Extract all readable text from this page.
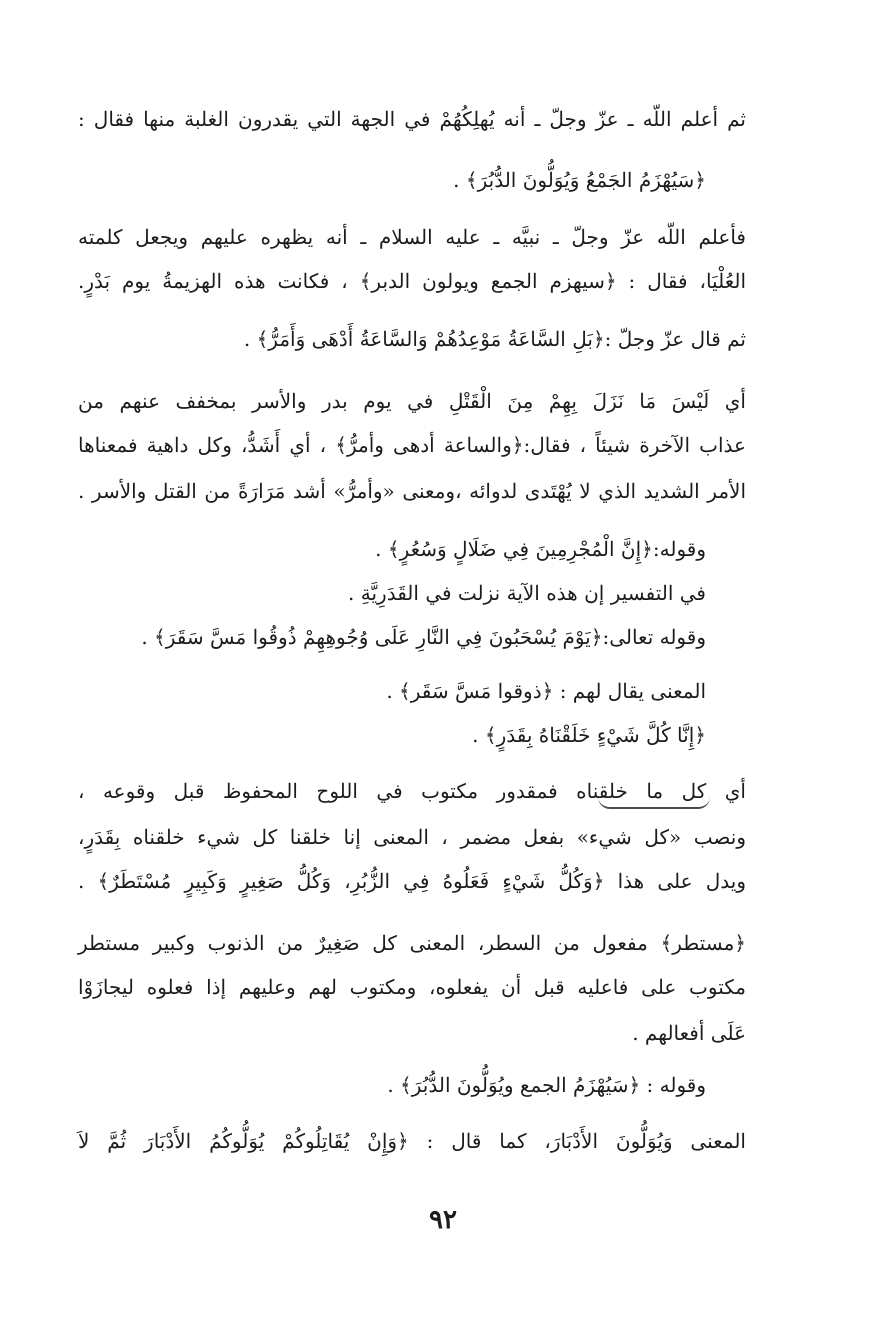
ثم أعلم اللّه ـ عزّ وجلّ ـ أنه يُهلِكُهُمْ في الجهة التي يقدرون الغلبة منها فقال :
﴿سَيُهْزَمُ الجَمْعُ وَيُوَلُّونَ الدُّبُرَ﴾ .
فأعلم اللّه عزّ وجلّ ـ نبيَّه ـ عليه السلام ـ أنه يظهره عليهم ويجعل كلمته
العُلْيَا، فقال : ﴿سيهزم الجمع ويولون الدبر﴾ ، فكانت هذه الهزيمةُ يوم بَدْرٍ.
ثم قال عزّ وجلّ :﴿بَلِ السَّاعَةُ مَوْعِدُهُمْ وَالسَّاعَةُ أَدْهَى وَأَمَرُّ﴾ .
أي لَيْسَ مَا نَزَلَ بِهِمْ مِنَ الْقَتْلِ في يوم بدر والأسر بمخفف عنهم من
عذاب الآخرة شيئاً ، فقال:﴿والساعة أدهى وأمرُّ﴾ ، أي أَشَدُّ، وكل داهية فمعناها
الأمر الشديد الذي لا يُهْتَدى لدوائه ،ومعنى «وأمرُّ» أشد مَرَارَةً من القتل والأسر .
وقوله:﴿إِنَّ الْمُجْرِمِينَ فِي ضَلَالٍ وَسُعُرٍ﴾ .
في التفسير إن هذه الآية نزلت في القَدَرِيَّةِ .
وقوله تعالى:﴿يَوْمَ يُسْحَبُونَ فِي النَّارِ عَلَى وُجُوهِهِمْ ذُوقُوا مَسَّ سَقَرَ﴾ .
المعنى يقال لهم : ﴿ذوقوا مَسَّ سَقَر﴾ .
﴿إِنَّا كُلَّ شَيْءٍ خَلَقْنَاهُ بِقَدَرٍ﴾ .
أي كل ما خلقناه فمقدور مكتوب في اللوح المحفوظ قبل وقوعه ،
ونصب «كل شيء» بفعل مضمر ، المعنى إنا خلقنا كل شيء خلقناه بِقَدَرٍ،
ويدل على هذا ﴿وَكُلُّ شَيْءٍ فَعَلُوهُ فِي الزُّبُرِ، وَكُلُّ صَغِيرٍ وَكَبِيرٍ مُسْتَطَرٌ﴾ .
﴿مستطر﴾ مفعول من السطر، المعنى كل صَغِيرٌ من الذنوب وكبير مستطر
مكتوب على فاعليه قبل أن يفعلوه، ومكتوب لهم وعليهم إذا فعلوه ليجازَوْا
عَلَى أفعالهم .
وقوله : ﴿سَيُهْزَمُ الجمع ويُوَلُّونَ الدُّبُرَ﴾ .
المعنى وَيُوَلُّونَ الأَدْبَارَ، كما قال : ﴿وَإِنْ يُقَاتِلُوكُمْ يُوَلُّوكُمُ الأَدْبَارَ ثُمَّ لاَ
٩٢
